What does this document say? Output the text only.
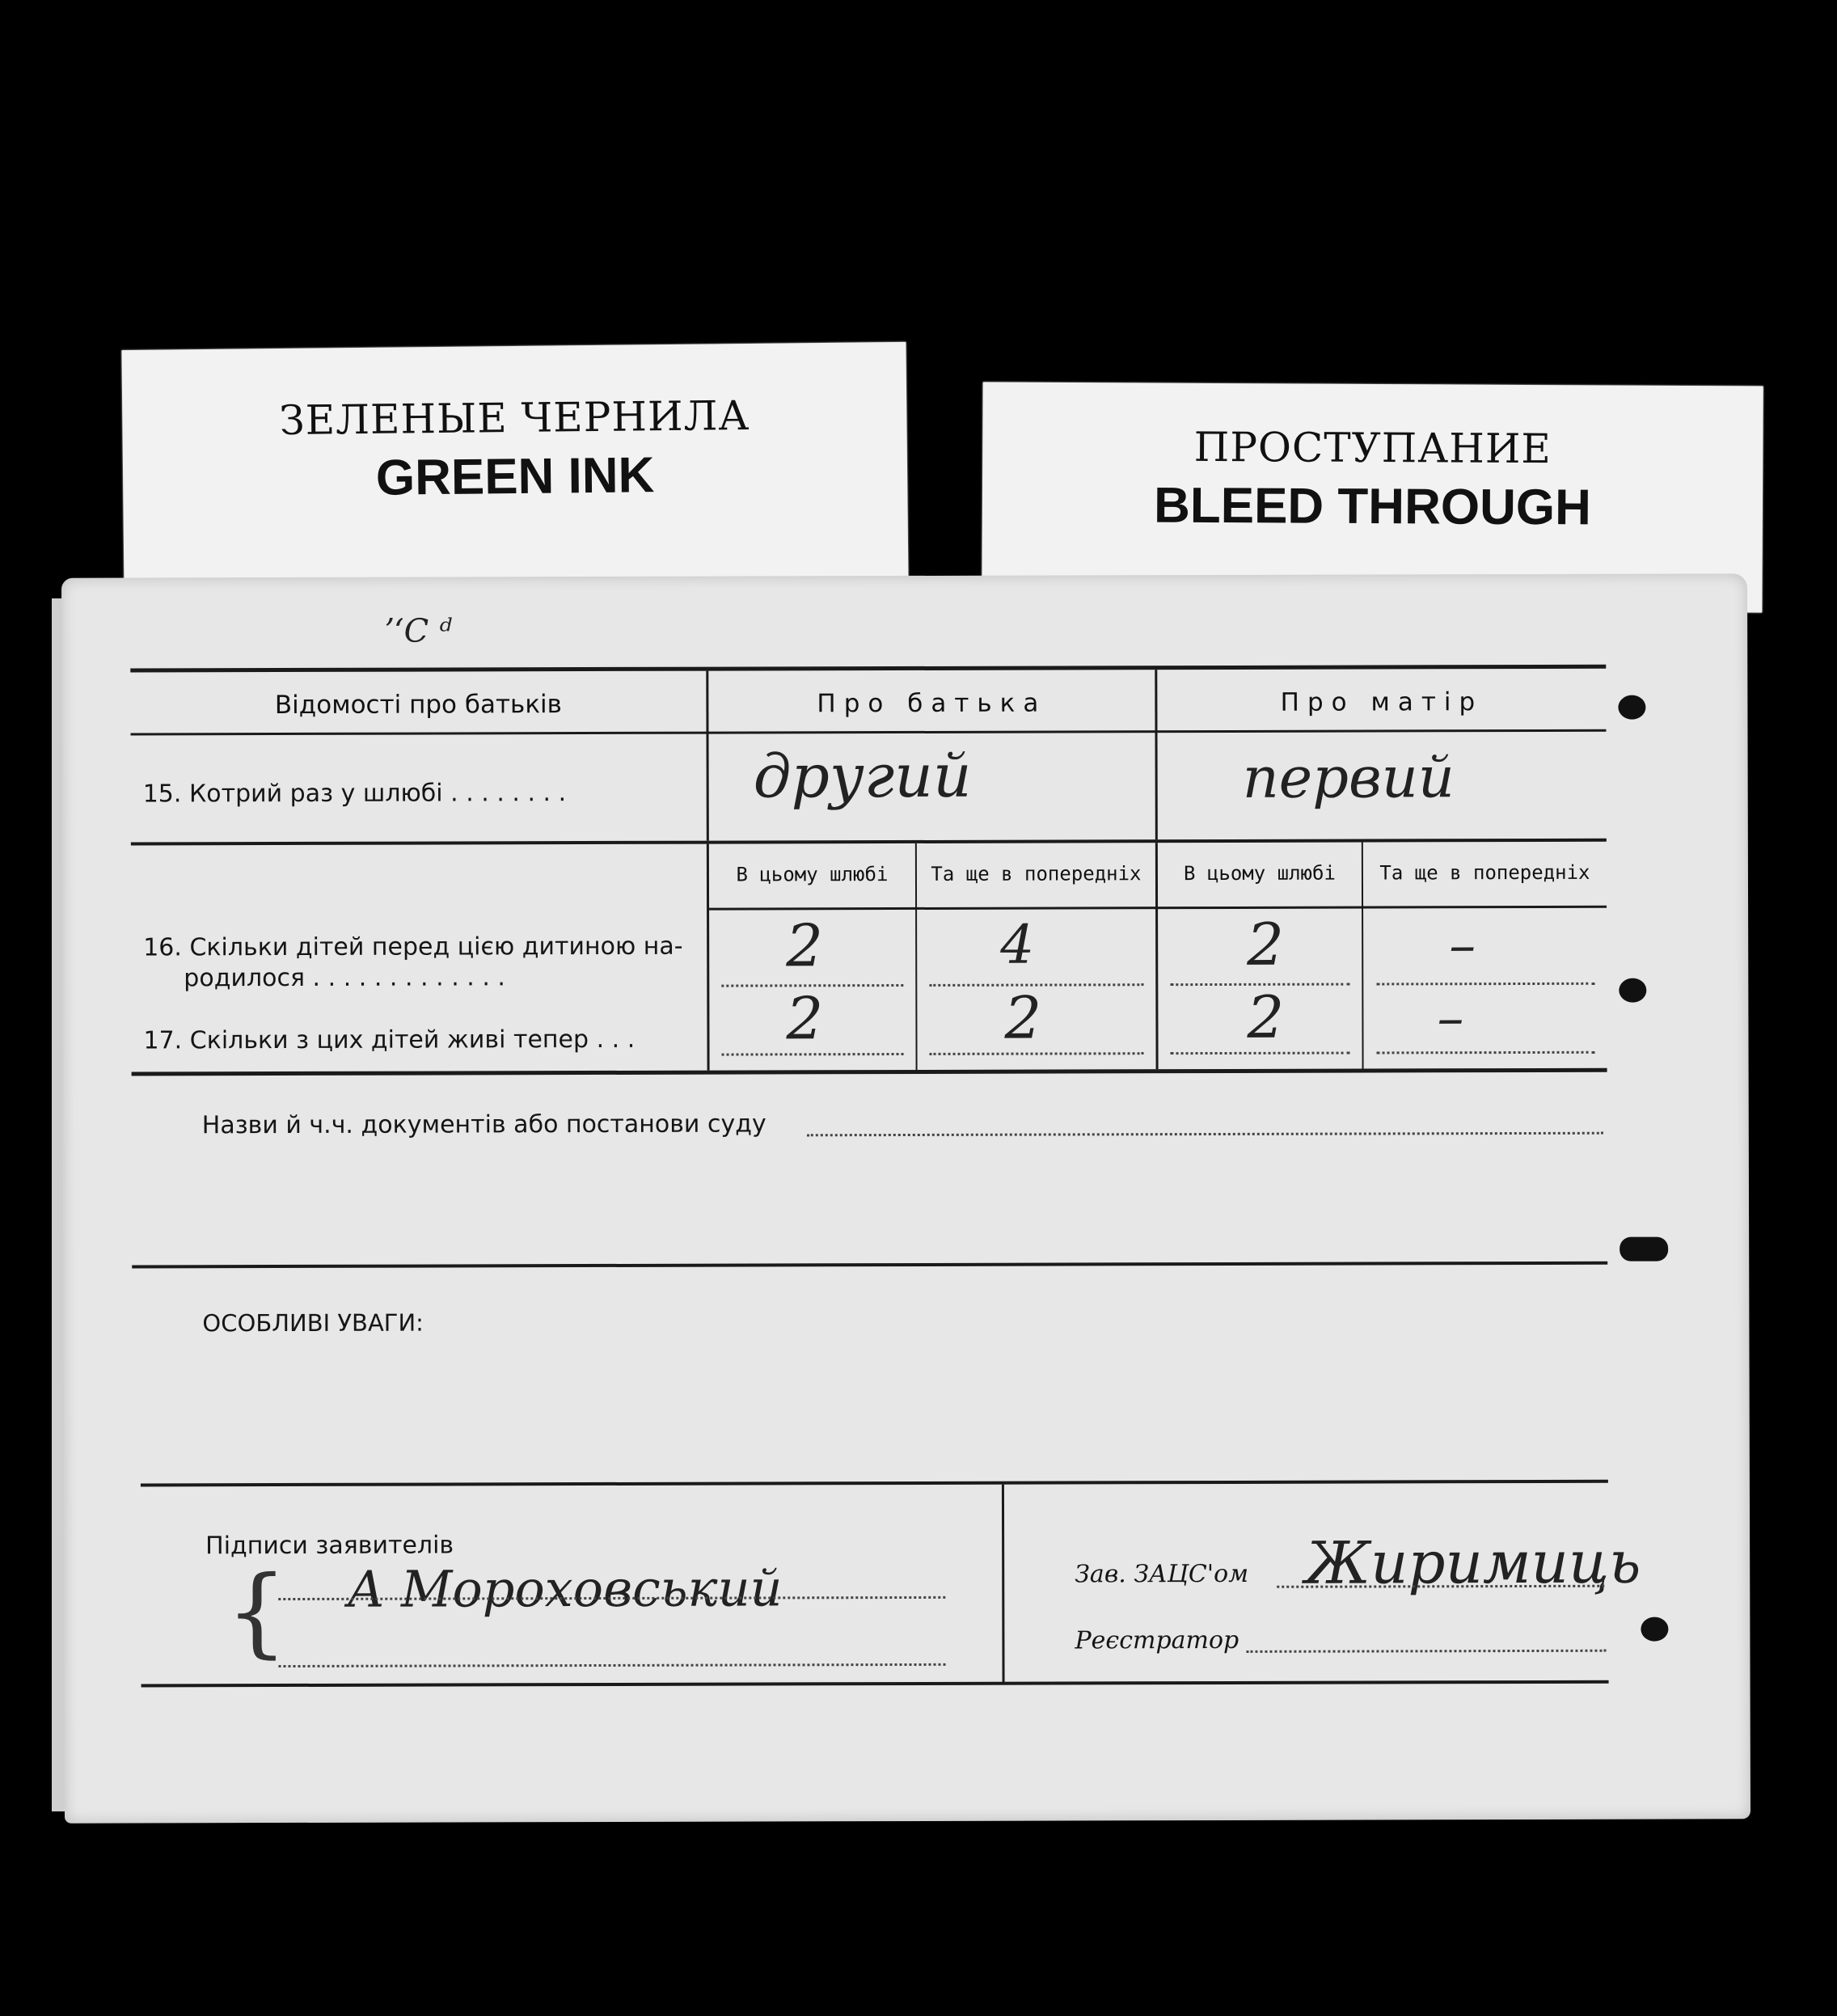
ЗЕЛЕНЫЕ ЧЕРНИЛА
GREEN INK	ПРОСТУПАНИЕ
BLEED THROUGH
ʼʻС ᵈ
Відомості про батьків	Про батька	Про матір
15. Котрий раз у шлюбі . . . . . . . .	другий	первий
В цьому шлюбі	Та ще в попередніх	В цьому шлюбі	Та ще в попередніх
16. Скільки дітей перед цією дитиною на-
родилося . . . . . . . . . . . . .	2	4	2	–
17. Скільки з цих дітей живі тепер . . .	2	2	2	–
Назви й ч.ч. документів або постанови суду
ОСОБЛИВІ УВАГИ:
Підписи заявителів
{ А Мороховський	Зав. ЗАЦС'ом Жиримиць
Реєстратор
